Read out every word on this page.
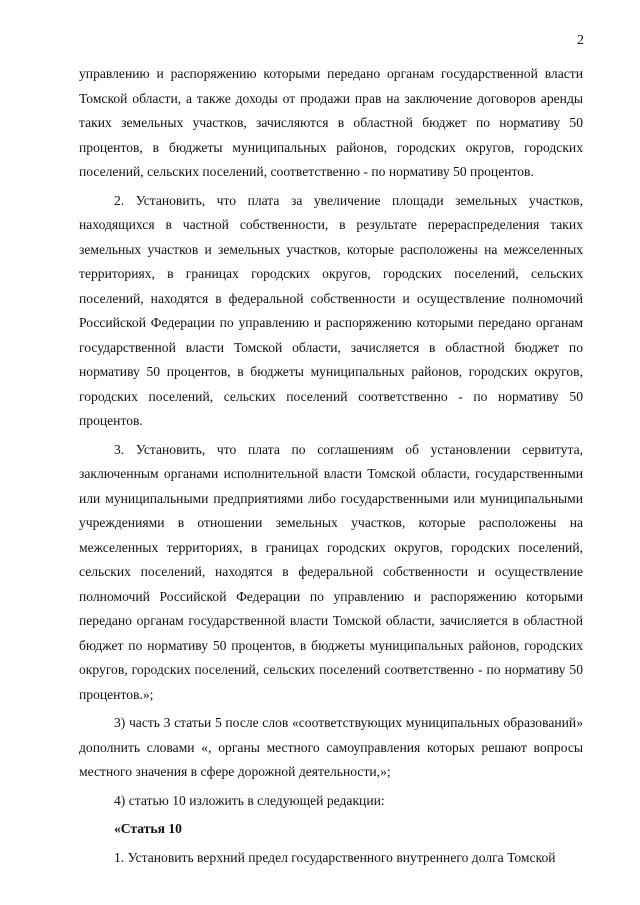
2

управлению и распоряжению которыми передано органам государственной власти Томской области, а также доходы от продажи прав на заключение договоров аренды таких земельных участков, зачисляются в областной бюджет по нормативу 50 процентов, в бюджеты муниципальных районов, городских округов, городских поселений, сельских поселений, соответственно - по нормативу 50 процентов.

2. Установить, что плата за увеличение площади земельных участков, находящихся в частной собственности, в результате перераспределения таких земельных участков и земельных участков, которые расположены на межселенных территориях, в границах городских округов, городских поселений, сельских поселений, находятся в федеральной собственности и осуществление полномочий Российской Федерации по управлению и распоряжению которыми передано органам государственной власти Томской области, зачисляется в областной бюджет по нормативу 50 процентов, в бюджеты муниципальных районов, городских округов, городских поселений, сельских поселений соответственно - по нормативу 50 процентов.

3. Установить, что плата по соглашениям об установлении сервитута, заключенным органами исполнительной власти Томской области, государственными или муниципальными предприятиями либо государственными или муниципальными учреждениями в отношении земельных участков, которые расположены на межселенных территориях, в границах городских округов, городских поселений, сельских поселений, находятся в федеральной собственности и осуществление полномочий Российской Федерации по управлению и распоряжению которыми передано органам государственной власти Томской области, зачисляется в областной бюджет по нормативу 50 процентов, в бюджеты муниципальных районов, городских округов, городских поселений, сельских поселений соответственно - по нормативу 50 процентов.»;

3) часть 3 статьи 5 после слов «соответствующих муниципальных образований» дополнить словами «, органы местного самоуправления которых решают вопросы местного значения в сфере дорожной деятельности,»;

4) статью 10 изложить в следующей редакции:

«Статья 10

1. Установить верхний предел государственного внутреннего долга Томской
